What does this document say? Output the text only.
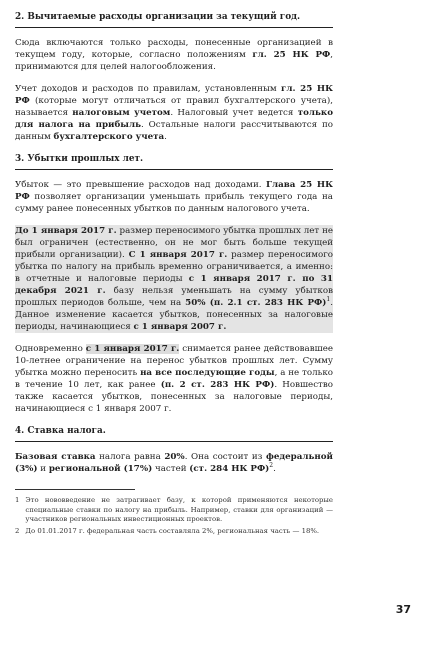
2. Вычитаемые расходы организации за текущий год.

Сюда включаются только расходы, понесенные организацией в текущем году, которые, согласно положениям гл. 25 НК РФ, принимаются для целей налогообложения.

Учет доходов и расходов по правилам, установленным гл. 25 НК РФ (которые могут отличаться от правил бухгалтерского учета), называется налоговым учетом. Налоговый учет ведется только для налога на прибыль. Остальные налоги рассчитываются по данным бухгалтерского учета.

3. Убытки прошлых лет.

Убыток — это превышение расходов над доходами. Глава 25 НК РФ позволяет организации уменьшать прибыль текущего года на сумму ранее понесенных убытков по данным налогового учета.

До 1 января 2017 г. размер переносимого убытка прошлых лет не был ограничен (естественно, он не мог быть больше текущей прибыли организации). С 1 января 2017 г. размер переносимого убытка по налогу на прибыль временно ограничивается, а именно: в отчетные и налоговые периоды с 1 января 2017 г. по 31 декабря 2021 г. базу нельзя уменьшать на сумму убытков прошлых периодов больше, чем на 50% (п. 2.1 ст. 283 НК РФ)$^1$. Данное изменение касается убытков, понесенных за налоговые периоды, начинающиеся с 1 января 2007 г.

Одновременно с 1 января 2017 г. снимается ранее действовавшее 10-летнее ограничение на перенос убытков прошлых лет. Сумму убытка можно переносить на все последующие годы, а не только в течение 10 лет, как ранее (п. 2 ст. 283 НК РФ). Новшество также касается убытков, понесенных за налоговые периоды, начинающиеся с 1 января 2007 г.

4. Ставка налога.

Базовая ставка налога равна 20%. Она состоит из федеральной (3%) и региональной (17%) частей (ст. 284 НК РФ)$^2$.

1 Это нововведение не затрагивает базу, к которой применяются некоторые специальные ставки по налогу на прибыль. Например, ставки для организаций — участников региональных инвестиционных проектов.
2 До 01.01.2017 г. федеральная часть составляла 2%, региональная часть — 18%.
37
